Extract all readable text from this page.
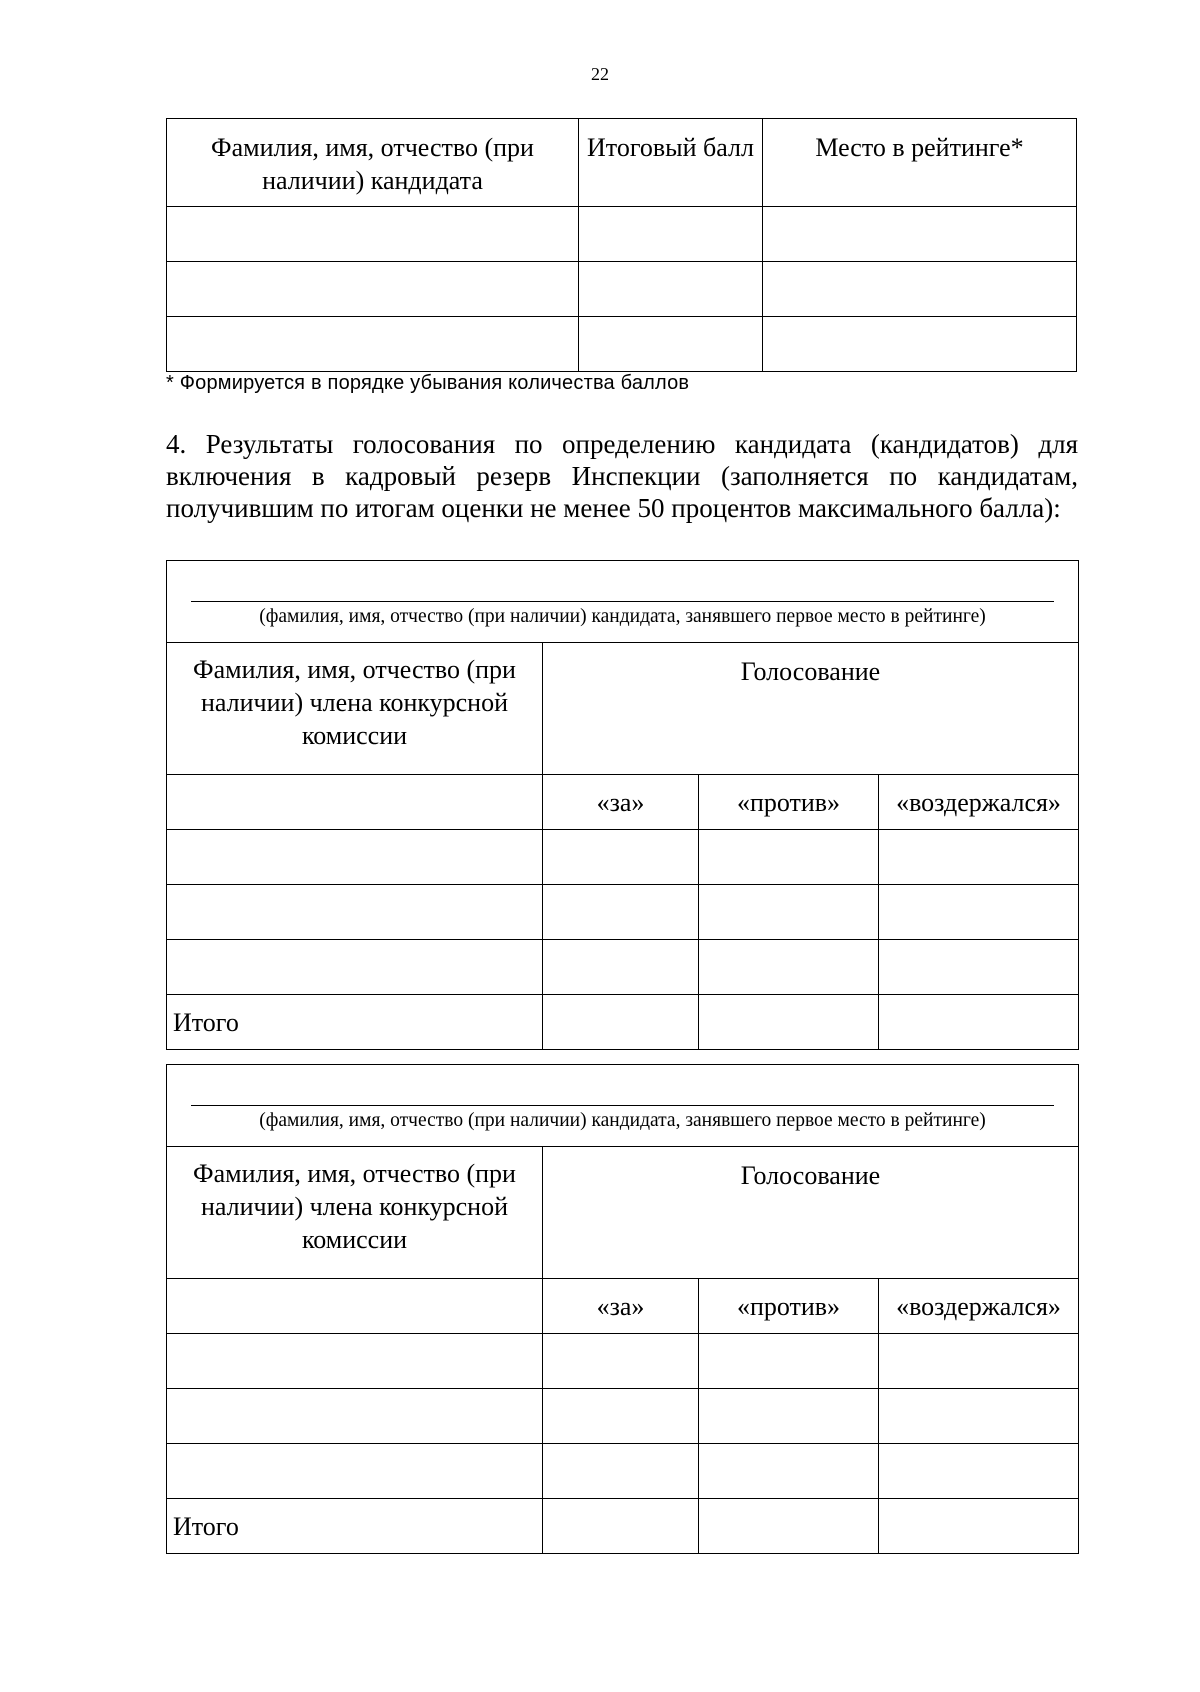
22
Фамилия, имя, отчество (при наличии) кандидата	Итоговый балл	Место в рейтинге*

* Формируется в порядке убывания количества баллов
4. Результаты голосования по определению кандидата (кандидатов) для включения в кадровый резерв Инспекции (заполняется по кандидатам, получившим по итогам оценки не менее 50 процентов максимального балла):
(фамилия, имя, отчество (при наличии) кандидата, занявшего первое место в рейтинге)			

Фамилия, имя, отчество (при наличии) члена конкурсной комиссии	Голосование		
	«за»	«против»	«воздержался»

Итого			
(фамилия, имя, отчество (при наличии) кандидата, занявшего первое место в рейтинге)			

Фамилия, имя, отчество (при наличии) члена конкурсной комиссии	Голосование		
	«за»	«против»	«воздержался»

Итого			
